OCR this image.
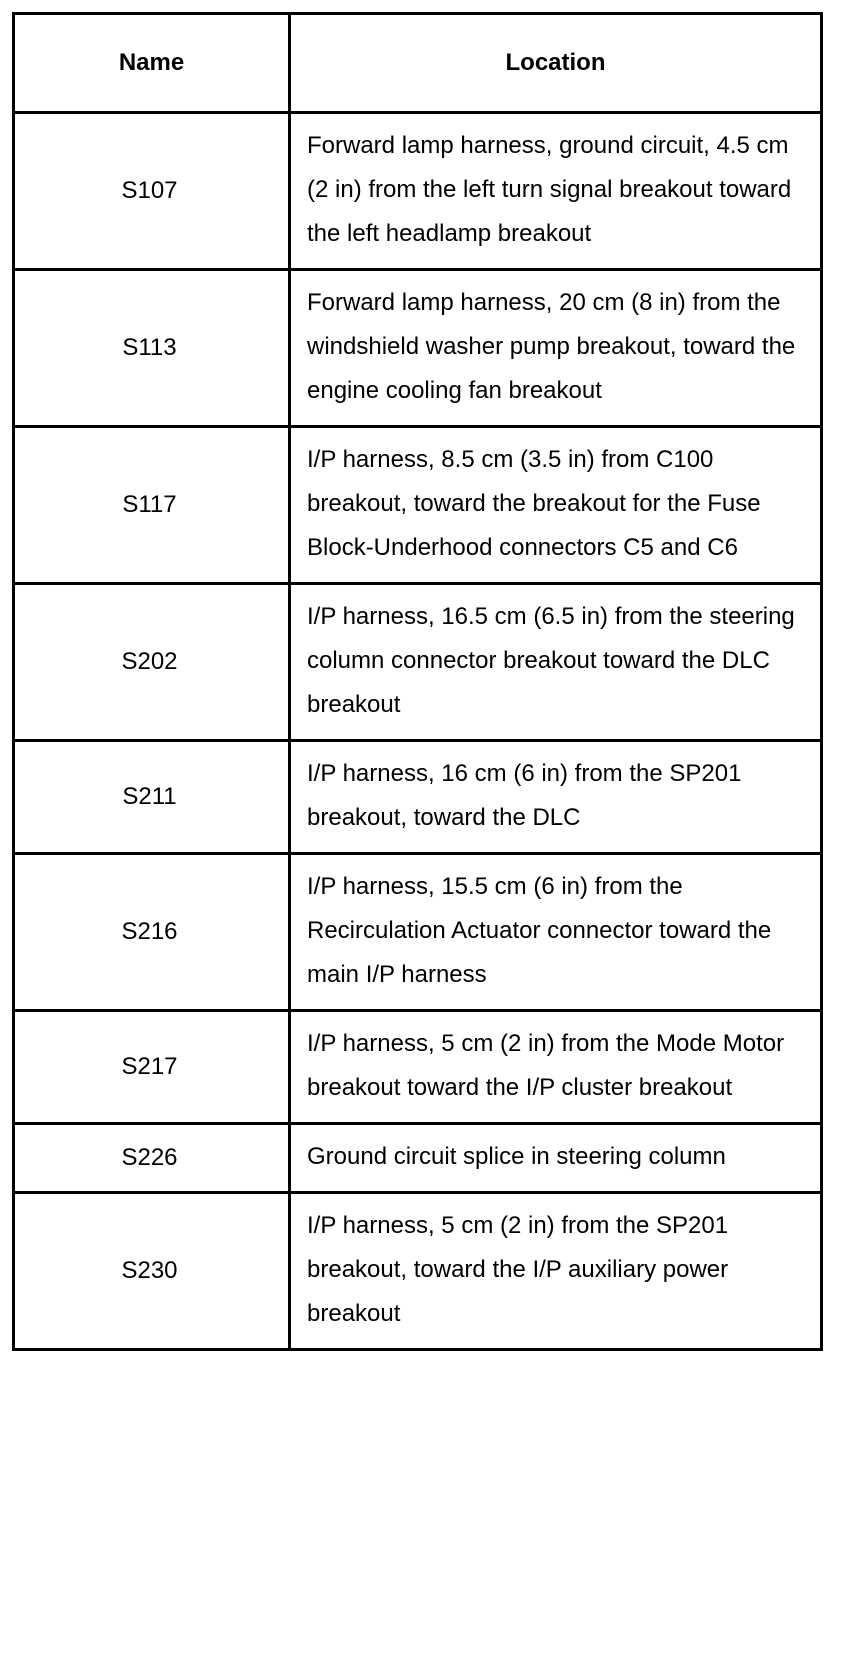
Name	Location
S107	Forward lamp harness, ground circuit, 4.5 cm (2 in) from the left turn signal breakout toward the left headlamp breakout
S113	Forward lamp harness, 20 cm (8 in) from the windshield washer pump breakout, toward the engine cooling fan breakout
S117	I/P harness, 8.5 cm (3.5 in) from C100 breakout, toward the breakout for the Fuse Block-Underhood connectors C5 and C6
S202	I/P harness, 16.5 cm (6.5 in) from the steering column connector breakout toward the DLC breakout
S211	I/P harness, 16 cm (6 in) from the SP201 breakout, toward the DLC
S216	I/P harness, 15.5 cm (6 in) from the Recirculation Actuator connector toward the main I/P harness
S217	I/P harness, 5 cm (2 in) from the Mode Motor breakout toward the I/P cluster breakout
S226	Ground circuit splice in steering column
S230	I/P harness, 5 cm (2 in) from the SP201 breakout, toward the I/P auxiliary power breakout
